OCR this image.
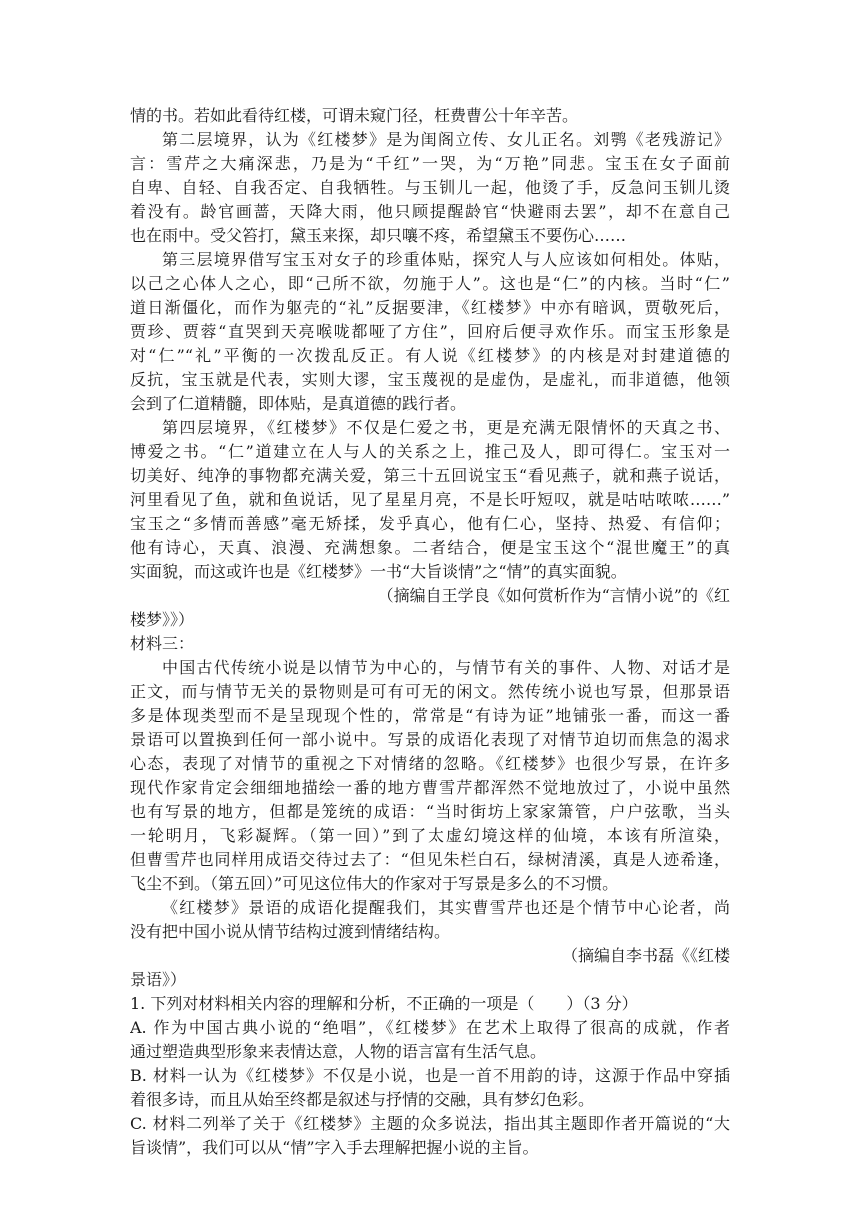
情的书。若如此看待红楼，可谓未窥门径，枉费曹公十年辛苦。
第二层境界，认为《红楼梦》是为闺阁立传、女儿正名。刘鹗《老残游记》
言：雪芹之大痛深悲，乃是为“千红”一哭，为“万艳”同悲。宝玉在女子面前
自卑、自轻、自我否定、自我牺牲。与玉钏儿一起，他烫了手，反急问玉钏儿烫
着没有。龄官画蔷，天降大雨，他只顾提醒龄官“快避雨去罢”，却不在意自己
也在雨中。受父笞打，黛玉来探，却只嚷不疼，希望黛玉不要伤心……
第三层境界借写宝玉对女子的珍重体贴，探究人与人应该如何相处。体贴，
以己之心体人之心，即“己所不欲，勿施于人”。这也是“仁”的内核。当时“仁”
道日渐僵化，而作为躯壳的“礼”反据要津，《红楼梦》中亦有暗讽，贾敬死后，
贾珍、贾蓉“直哭到天亮喉咙都哑了方住”，回府后便寻欢作乐。而宝玉形象是
对“仁”“礼”平衡的一次拨乱反正。有人说《红楼梦》的内核是对封建道德的
反抗，宝玉就是代表，实则大谬，宝玉蔑视的是虚伪，是虚礼，而非道德，他领
会到了仁道精髓，即体贴，是真道德的践行者。
第四层境界，《红楼梦》不仅是仁爱之书，更是充满无限情怀的天真之书、
博爱之书。“仁”道建立在人与人的关系之上，推己及人，即可得仁。宝玉对一
切美好、纯净的事物都充满关爱，第三十五回说宝玉“看见燕子，就和燕子说话，
河里看见了鱼，就和鱼说话，见了星星月亮，不是长吁短叹，就是咕咕哝哝……”
宝玉之“多情而善感”毫无矫揉，发乎真心，他有仁心，坚持、热爱、有信仰；
他有诗心，天真、浪漫、充满想象。二者结合，便是宝玉这个“混世魔王”的真
实面貌，而这或许也是《红楼梦》一书“大旨谈情”之“情”的真实面貌。
（摘编自王学良《如何赏析作为“言情小说”的《红
楼梦》》）
材料三：
中国古代传统小说是以情节为中心的，与情节有关的事件、人物、对话才是
正文，而与情节无关的景物则是可有可无的闲文。然传统小说也写景，但那景语
多是体现类型而不是呈现现个性的，常常是“有诗为证”地铺张一番，而这一番
景语可以置换到任何一部小说中。写景的成语化表现了对情节迫切而焦急的渴求
心态，表现了对情节的重视之下对情绪的忽略。《红楼梦》也很少写景，在许多
现代作家肯定会细细地描绘一番的地方曹雪芹都浑然不觉地放过了，小说中虽然
也有写景的地方，但都是笼统的成语：“当时街坊上家家箫管，户户弦歌，当头
一轮明月，飞彩凝辉。（第一回）”到了太虚幻境这样的仙境，本该有所渲染，
但曹雪芹也同样用成语交待过去了：“但见朱栏白石，绿树清溪，真是人迹希逢，
飞尘不到。（第五回）”可见这位伟大的作家对于写景是多么的不习惯。
《红楼梦》景语的成语化提醒我们，其实曹雪芹也还是个情节中心论者，尚
没有把中国小说从情节结构过渡到情绪结构。
（摘编自李书磊《《红楼
景语》）
1. 下列对材料相关内容的理解和分析，不正确的一项是（　　）（3 分）
A. 作为中国古典小说的“绝唱”，《红楼梦》在艺术上取得了很高的成就，作者
通过塑造典型形象来表情达意，人物的语言富有生活气息。
B. 材料一认为《红楼梦》不仅是小说，也是一首不用韵的诗，这源于作品中穿插
着很多诗，而且从始至终都是叙述与抒情的交融，具有梦幻色彩。
C. 材料二列举了关于《红楼梦》主题的众多说法，指出其主题即作者开篇说的“大
旨谈情”，我们可以从“情”字入手去理解把握小说的主旨。
